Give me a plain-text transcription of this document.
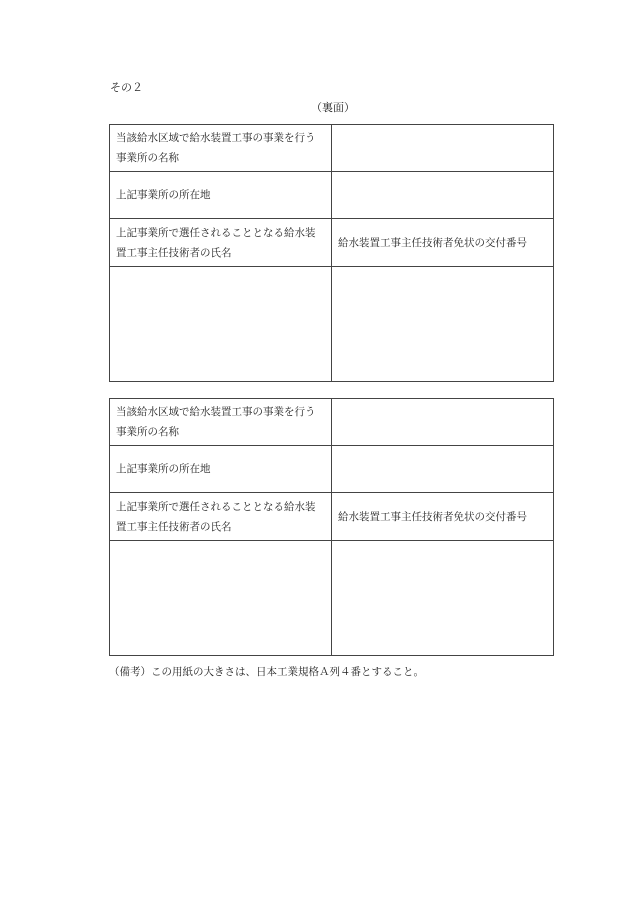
その２
（裏面）
当該給水区域で給水装置工事の事業を行う事業所の名称	
上記事業所の所在地	
上記事業所で選任されることとなる給水装置工事主任技術者の氏名	給水装置工事主任技術者免状の交付番号

当該給水区域で給水装置工事の事業を行う事業所の名称	
上記事業所の所在地	
上記事業所で選任されることとなる給水装置工事主任技術者の氏名	給水装置工事主任技術者免状の交付番号

（備考）この用紙の大きさは、日本工業規格Ａ列４番とすること。
